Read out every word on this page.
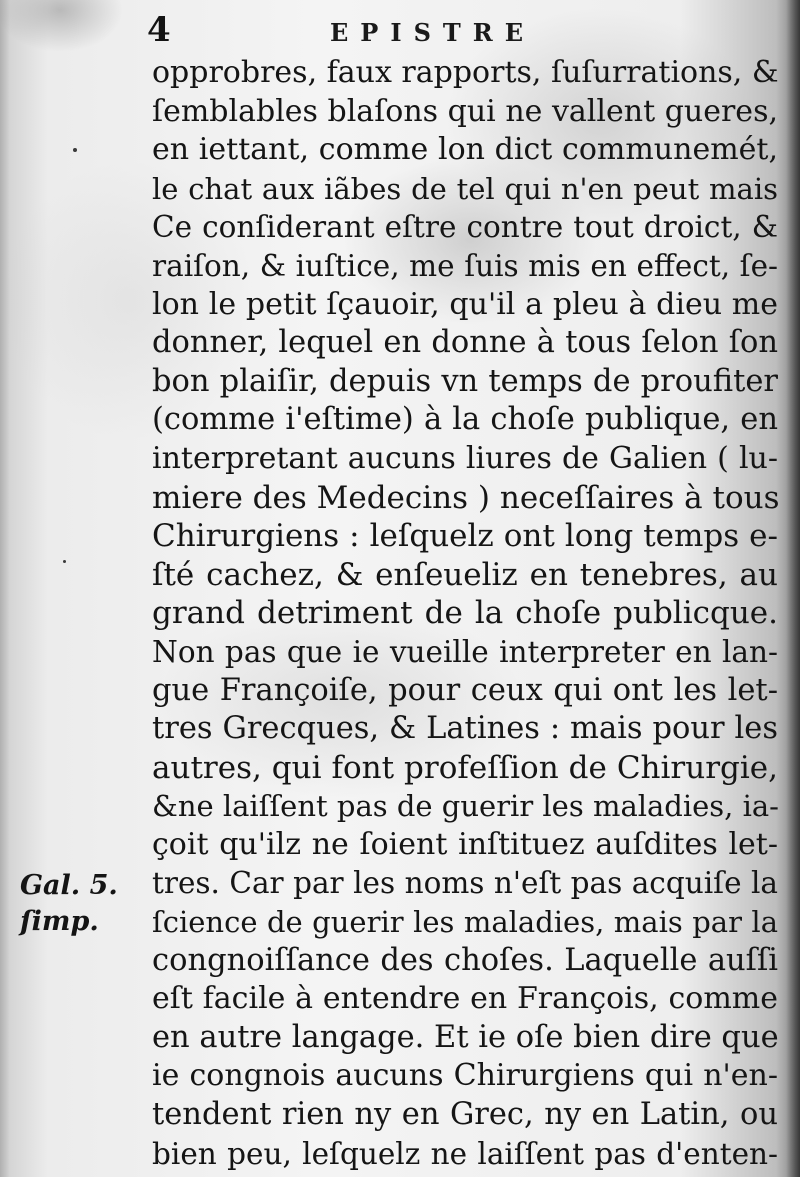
4	EPISTRE
opprobres, faux rapports, ſuſurrations, &
ſemblables blaſons qui ne vallent gueres,
en iettant, comme lon dict communemét,
le chat aux iãbes de tel qui n'en peut mais
Ce conſiderant eſtre contre tout droict, &
raiſon, & iuſtice, me ſuis mis en effect, ſe-
lon le petit ſçauoir, qu'il a pleu à dieu me
donner, lequel en donne à tous ſelon ſon
bon plaiſir, depuis vn temps de proufiter
(comme i'eſtime) à la choſe publique, en
interpretant aucuns liures de Galien ( lu-
miere des Medecins ) neceſſaires à tous
Chirurgiens : leſquelz ont long temps e-
ſté cachez, & enſeueliz en tenebres, au
grand detriment de la choſe publicque.
Non pas que ie vueille interpreter en lan-
gue Françoiſe, pour ceux qui ont les let-
tres Grecques, & Latines : mais pour les
autres, qui font profeſſion de Chirurgie,
&ne laiſſent pas de guerir les maladies, ia-
çoit qu'ilz ne ſoient inſtituez auſdites let-
tres. Car par les noms n'eſt pas acquiſe la
ſcience de guerir les maladies, mais par la
congnoiſſance des choſes. Laquelle auſſi
eſt facile à entendre en François, comme
en autre langage. Et ie oſe bien dire que
ie congnois aucuns Chirurgiens qui n'en-
tendent rien ny en Grec, ny en Latin, ou
bien peu, leſquelz ne laiſſent pas d'enten-
Gal. 5.
ſimp.
